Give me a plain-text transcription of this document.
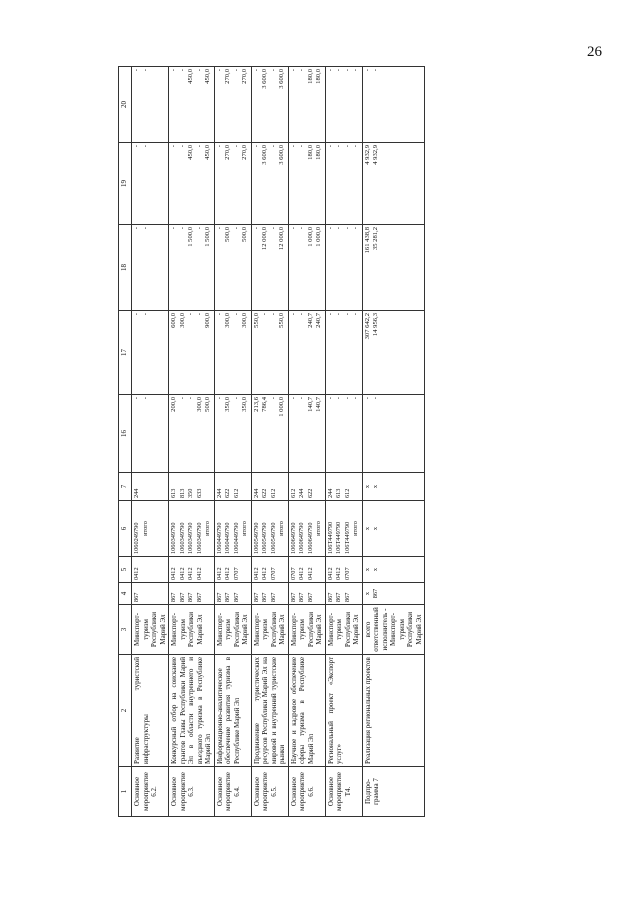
26
1	2	3	4	5	6	7	16	17	18	19	20
Основное мероприятие 6.2.	Развитие туристской инфраструктуры	Минспорт-туризм Республики Марий Эл	867	0412	1060249790 итого	244	- -	- -	- -	- -	- -

Основное мероприятие 6.3.	Конкурсный отбор на соискание грантов Главы Республики Марий Эл в области внутреннего и въездного туризма в Республике Марий Эл	Минспорт-туризм Республики Марий Эл	867 867 867 867	0412 0412 0412 0412	1060349790 1060349790 1060349790 1060349790 итого	613 813 350 633	200,0 - - 300,0 500,0	600,0 300,0 - - 900,0	- - 1 500,0 - 1 500,0	- - 450,0 - 450,0	- - 450,0 - 450,0

Основное мероприятие 6.4.	Информационно-аналитическое обеспечение развития туризма в Республике Марий Эл	Минспорт-туризм Республики Марий Эл	867 867 867	0412 0412 0707	1060449790 1060449790 1060449790 итого	244 622 612	- 350,0 - 350,0	- 300,0 - 300,0	- 500,0 - 500,0	- 270,0 - 270,0	- 270,0 - 270,0

Основное мероприятие 6.5.	Продвижение туристических ресурсов Республики Марий Эл на мировой и внутренний туристские рынки	Минспорт-туризм Республики Марий Эл	867 867 867	0412 0412 0707	1060549790 1060549790 1060549790 итого	244 622 612	213,6 786,4 - 1 000,0	550,0 - - 550,0	- 12 000,0 - 12 000,0	- 3 600,0 - 3 600,0	- 3 600,0 - 3 600,0

Основное мероприятие 6.6.	Научное и кадровое обеспечение сферы туризма в Республике Марий Эл	Минспорт-туризм Республики Марий Эл	867 867 867	0707 0412 0412	1060649790 1060649790 1060649790 итого	612 244 622	- - 140,7 140,7	- - 240,7 240,7	- - 1 000,0 1 000,0	- - 180,0 180,0	- - 180,0 180,0

Основное мероприятие Т4.	Региональный проект «Экспорт услуг»	Минспорт-туризм Республики Марий Эл	867 867 867	0412 0412 0707	106T449790 106T449790 106T449790 итого	244 613 612	- - - -	- - - -	- - - -	- - - -	- - - -

Подпро-грамма 7	Реализация региональных проектов	всего ответственный исполнитель - Минспорт-туризм Республики Марий Эл	х 867	х х	х х	х х	- -	307 642,2 14 956,3	161 438,8 35 281,2	4 932,9 4 932,9	- -
